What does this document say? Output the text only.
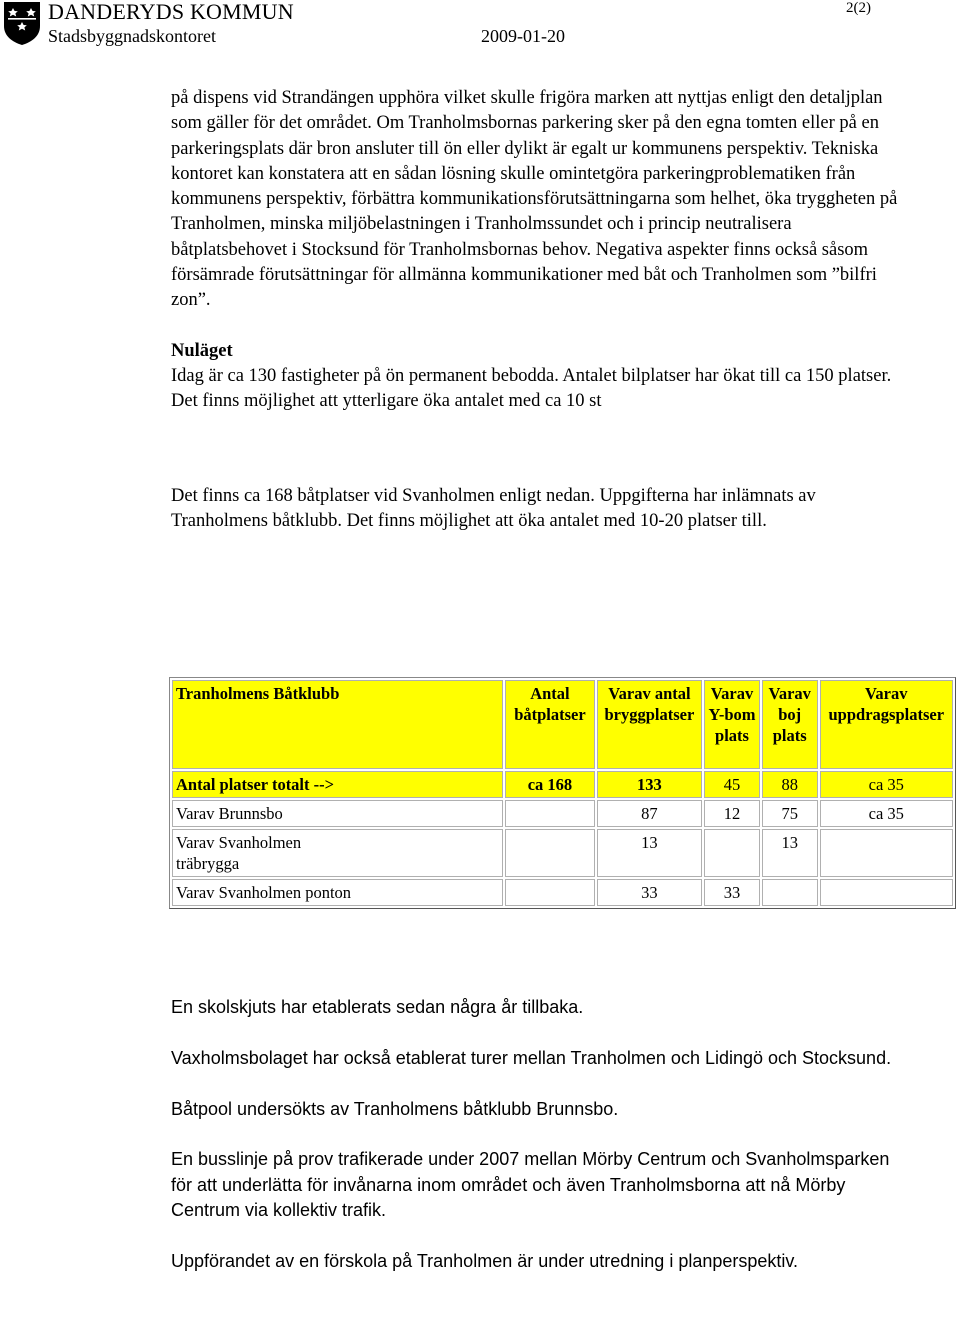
DANDERYDS KOMMUN
Stadsbyggnadskontoret	2009-01-20
2(2)

på dispens vid Strandängen upphöra vilket skulle frigöra marken att nyttjas enligt den detaljplan som gäller för det området. Om Tranholmsbornas parkering sker på den egna tomten eller på en parkeringsplats där bron ansluter till ön eller dylikt är egalt ur kommunens perspektiv. Tekniska kontoret kan konstatera att en sådan lösning skulle omintetgöra parkeringproblematiken från kommunens perspektiv, förbättra kommunikationsförutsättningarna som helhet, öka tryggheten på Tranholmen, minska miljöbelastningen i Tranholmssundet och i princip neutralisera båtplatsbehovet i Stocksund för Tranholmsbornas behov. Negativa aspekter finns också såsom försämrade förutsättningar för allmänna kommunikationer med båt och Tranholmen som ”bilfri zon”.

Nuläget

Idag är ca 130 fastigheter på ön permanent bebodda. Antalet bilplatser har ökat till ca 150 platser. Det finns möjlighet att ytterligare öka antalet med ca 10 st

Det finns ca 168 båtplatser vid Svanholmen enligt nedan. Uppgifterna har inlämnats av Tranholmens båtklubb. Det finns möjlighet att öka antalet med 10-20 platser till.

Tranholmens Båtklubb	Antal båtplatser	Varav antal bryggplatser	Varav Y-bom plats	Varav boj plats	Varav uppdragsplatser
Antal platser totalt -->	ca 168	133	45	88	ca 35
Varav Brunnsbo		87	12	75	ca 35
Varav Svanholmen träbrygga		13		13	
Varav Svanholmen ponton		33	33		

En skolskjuts har etablerats sedan några år tillbaka.

Vaxholmsbolaget har också etablerat turer mellan Tranholmen och Lidingö och Stocksund.

Båtpool undersökts av Tranholmens båtklubb Brunnsbo.

En busslinje på prov trafikerade under 2007 mellan Mörby Centrum och Svanholmsparken för att underlätta för invånarna inom området och även Tranholmsborna att nå Mörby Centrum via kollektiv trafik.

Uppförandet av en förskola på Tranholmen är under utredning i planperspektiv.
